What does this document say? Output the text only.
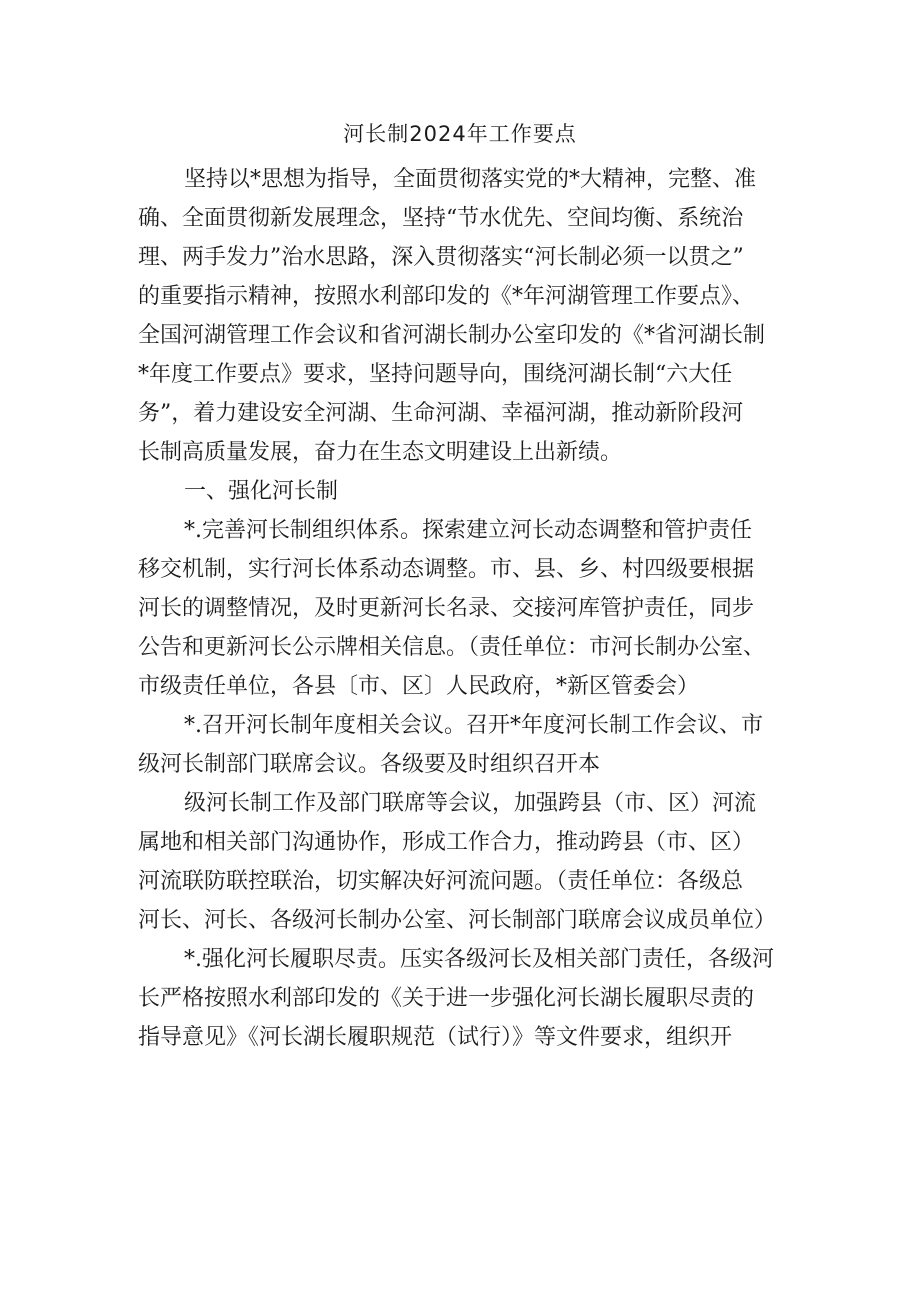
河长制2024年工作要点
坚持以*思想为指导，全面贯彻落实党的*大精神，完整、准
确、全面贯彻新发展理念，坚持“节水优先、空间均衡、系统治
理、两手发力”治水思路，深入贯彻落实“河长制必须一以贯之”
的重要指示精神，按照水利部印发的《*年河湖管理工作要点》、
全国河湖管理工作会议和省河湖长制办公室印发的《*省河湖长制
*年度工作要点》要求，坚持问题导向，围绕河湖长制“六大任
务”，着力建设安全河湖、生命河湖、幸福河湖，推动新阶段河
长制高质量发展，奋力在生态文明建设上出新绩。
一、强化河长制
*.完善河长制组织体系。探索建立河长动态调整和管护责任
移交机制，实行河长体系动态调整。市、县、乡、村四级要根据
河长的调整情况，及时更新河长名录、交接河库管护责任，同步
公告和更新河长公示牌相关信息。（责任单位：市河长制办公室、
市级责任单位，各县〔市、区〕人民政府，*新区管委会）
*.召开河长制年度相关会议。召开*年度河长制工作会议、市
级河长制部门联席会议。各级要及时组织召开本
级河长制工作及部门联席等会议，加强跨县（市、区）河流
属地和相关部门沟通协作，形成工作合力，推动跨县（市、区）
河流联防联控联治，切实解决好河流问题。（责任单位：各级总
河长、河长、各级河长制办公室、河长制部门联席会议成员单位）
*.强化河长履职尽责。压实各级河长及相关部门责任，各级河
长严格按照水利部印发的《关于进一步强化河长湖长履职尽责的
指导意见》《河长湖长履职规范（试行）》等文件要求，组织开
